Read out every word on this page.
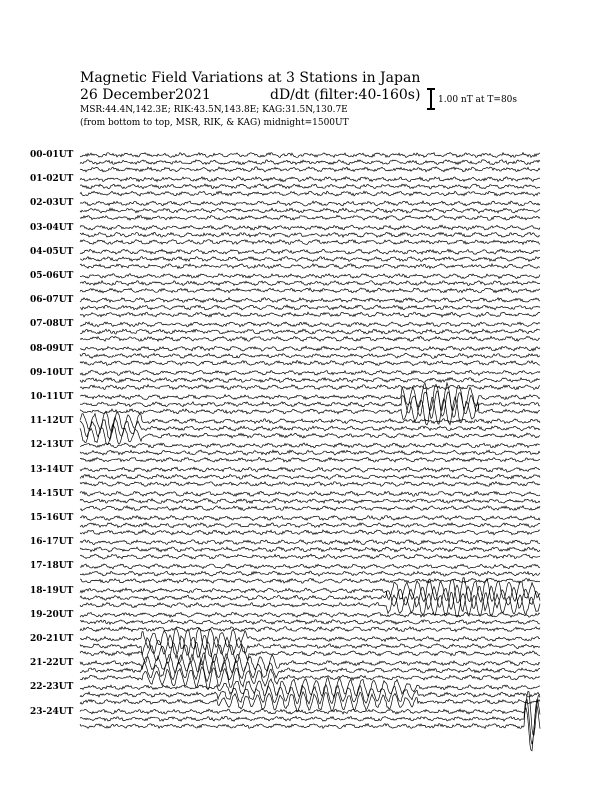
Magnetic Field Variations at 3 Stations in Japan
26 December2021	dD/dt (filter:40-160s)
MSR:44.4N,142.3E; RIK:43.5N,143.8E; KAG:31.5N,130.7E
(from bottom to top, MSR, RIK, & KAG) midnight=1500UT
1.00 nT at T=80s
00-01UT
01-02UT
02-03UT
03-04UT
04-05UT
05-06UT
06-07UT
07-08UT
08-09UT
09-10UT
10-11UT
11-12UT
12-13UT
13-14UT
14-15UT
15-16UT
16-17UT
17-18UT
18-19UT
19-20UT
20-21UT
21-22UT
22-23UT
23-24UT
